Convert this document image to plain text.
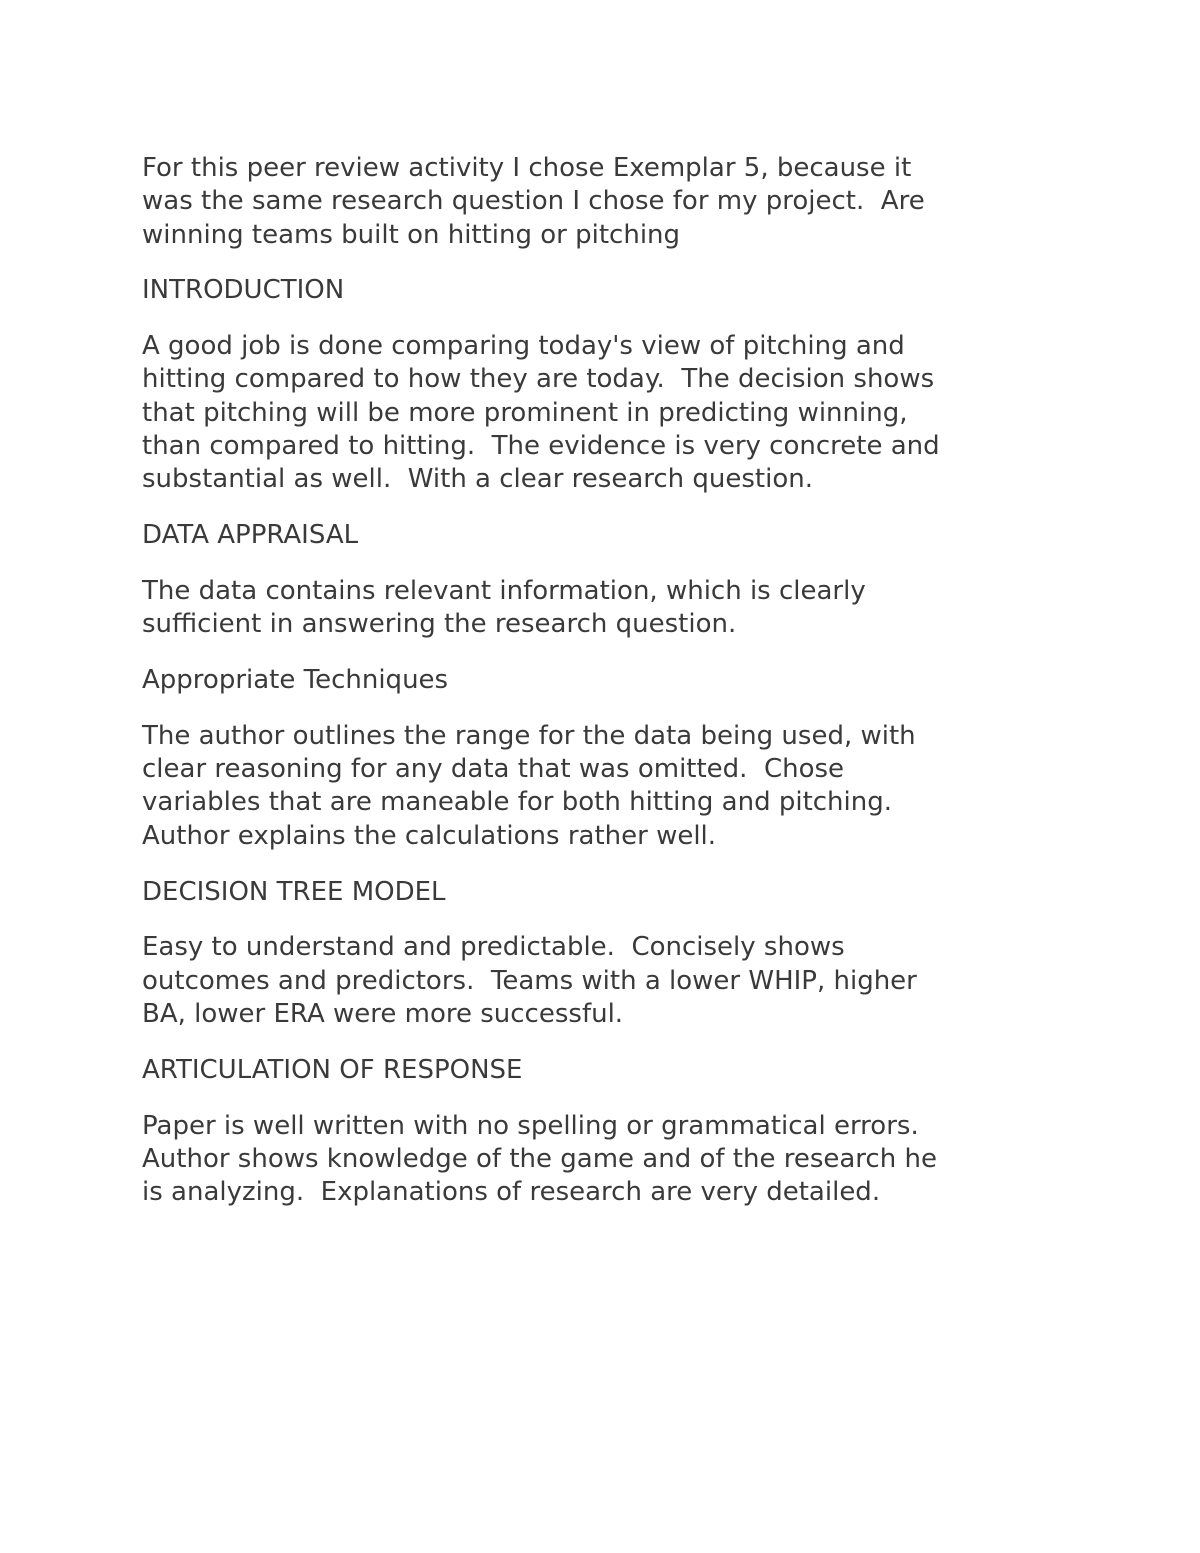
For this peer review activity I chose Exemplar 5, because it
was the same research question I chose for my project.  Are
winning teams built on hitting or pitching

INTRODUCTION

A good job is done comparing today's view of pitching and
hitting compared to how they are today.  The decision shows
that pitching will be more prominent in predicting winning,
than compared to hitting.  The evidence is very concrete and
substantial as well.  With a clear research question.

DATA APPRAISAL

The data contains relevant information, which is clearly
sufficient in answering the research question.

Appropriate Techniques

The author outlines the range for the data being used, with
clear reasoning for any data that was omitted.  Chose
variables that are maneable for both hitting and pitching.
Author explains the calculations rather well.

DECISION TREE MODEL

Easy to understand and predictable.  Concisely shows
outcomes and predictors.  Teams with a lower WHIP, higher
BA, lower ERA were more successful.

ARTICULATION OF RESPONSE

Paper is well written with no spelling or grammatical errors.
Author shows knowledge of the game and of the research he
is analyzing.  Explanations of research are very detailed.
